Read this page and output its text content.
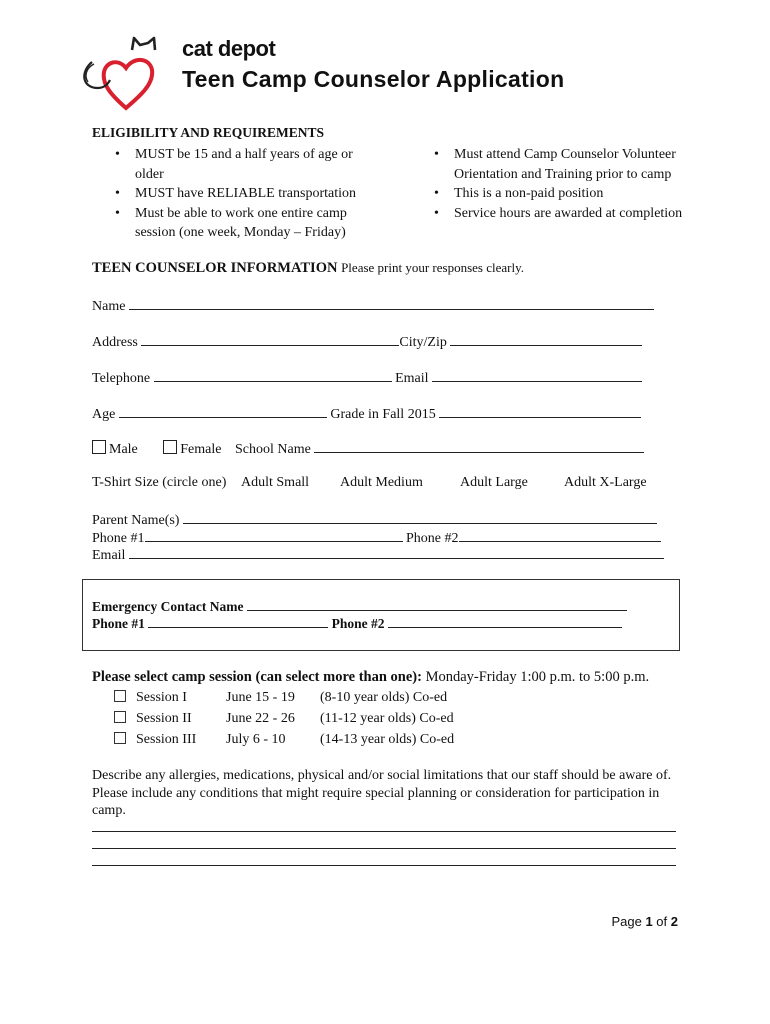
cat depot
Teen Camp Counselor Application
ELIGIBILITY AND REQUIREMENTS
• MUST be 15 and a half years of age or older
• MUST have RELIABLE transportation
• Must be able to work one entire camp session (one week, Monday – Friday)
• Must attend Camp Counselor Volunteer Orientation and Training prior to camp
• This is a non-paid position
• Service hours are awarded at completion
TEEN COUNSELOR INFORMATION Please print your responses clearly.
Name
Address	City/Zip
Telephone	Email
Age	Grade in Fall 2015
Male	Female School Name
T-Shirt Size (circle one) Adult Small Adult Medium	Adult Large	Adult X-Large
Parent Name(s)
Phone #1	Phone #2
Email
Emergency Contact Name
Phone #1	Phone #2
Please select camp session (can select more than one): Monday-Friday 1:00 p.m. to 5:00 p.m.
Session I	June 15 - 19 (8-10 year olds) Co-ed
Session II June 22 - 26 (11-12 year olds) Co-ed
Session III July 6 - 10 (14-13 year olds) Co-ed
Describe any allergies, medications, physical and/or social limitations that our staff should be aware of. Please include any conditions that might require special planning or consideration for participation in camp.
Page 1 of 2
